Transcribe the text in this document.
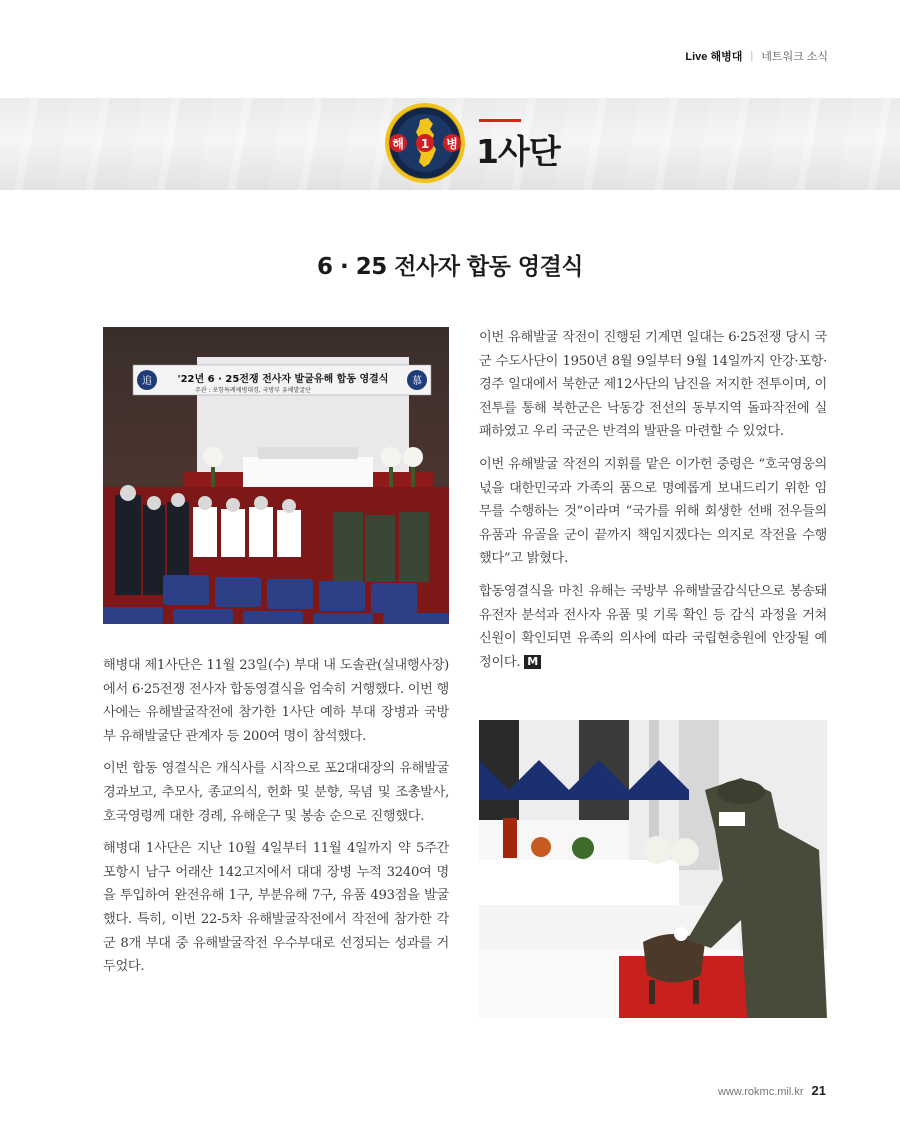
Live 해병대 | 네트워크 소식
해 1 병 1사단
6 · 25 전사자 합동 영결식
追	慕
'22년 6 · 25전쟁 전사자 발굴유해 합동 영결식
주관 : 포항특례해병대경, 국방부 유해발굴단

해병대 제1사단은 11월 23일(수) 부대 내 도솔관(실내행사장)에서 6·25전쟁 전사자 합동영결식을 엄숙히 거행했다. 이번 행사에는 유해발굴작전에 참가한 1사단 예하 부대 장병과 국방부 유해발굴단 관계자 등 200여 명이 참석했다.

이번 합동 영결식은 개식사를 시작으로 포2대대장의 유해발굴 경과보고, 추모사, 종교의식, 헌화 및 분향, 묵념 및 조총발사, 호국영령께 대한 경례, 유해운구 및 봉송 순으로 진행했다.

해병대 1사단은 지난 10월 4일부터 11월 4일까지 약 5주간 포항시 남구 어래산 142고지에서 대대 장병 누적 3240여 명을 투입하여 완전유해 1구, 부분유해 7구, 유품 493점을 발굴했다. 특히, 이번 22-5차 유해발굴작전에서 작전에 참가한 각 군 8개 부대 중 유해발굴작전 우수부대로 선정되는 성과를 거두었다.

이번 유해발굴 작전이 진행된 기계면 일대는 6·25전쟁 당시 국군 수도사단이 1950년 8월 9일부터 9월 14일까지 안강·포항·경주 일대에서 북한군 제12사단의 남진을 저지한 전투이며, 이 전투를 통해 북한군은 낙동강 전선의 동부지역 돌파작전에 실패하였고 우리 국군은 반격의 발판을 마련할 수 있었다.

이번 유해발굴 작전의 지휘를 맡은 이가헌 중령은 “호국영웅의 넋을 대한민국과 가족의 품으로 명예롭게 보내드리기 위한 임무를 수행하는 것”이라며 “국가를 위해 회생한 선배 전우들의 유품과 유골을 군이 끝까지 책임지겠다는 의지로 작전을 수행했다”고 밝혔다.

합동영결식을 마친 유해는 국방부 유해발굴감식단으로 봉송돼 유전자 분석과 전사자 유품 및 기록 확인 등 감식 과정을 거쳐 신원이 확인되면 유족의 의사에 따라 국립현충원에 안장될 예정이다. M

www.rokmc.mil.kr 21
